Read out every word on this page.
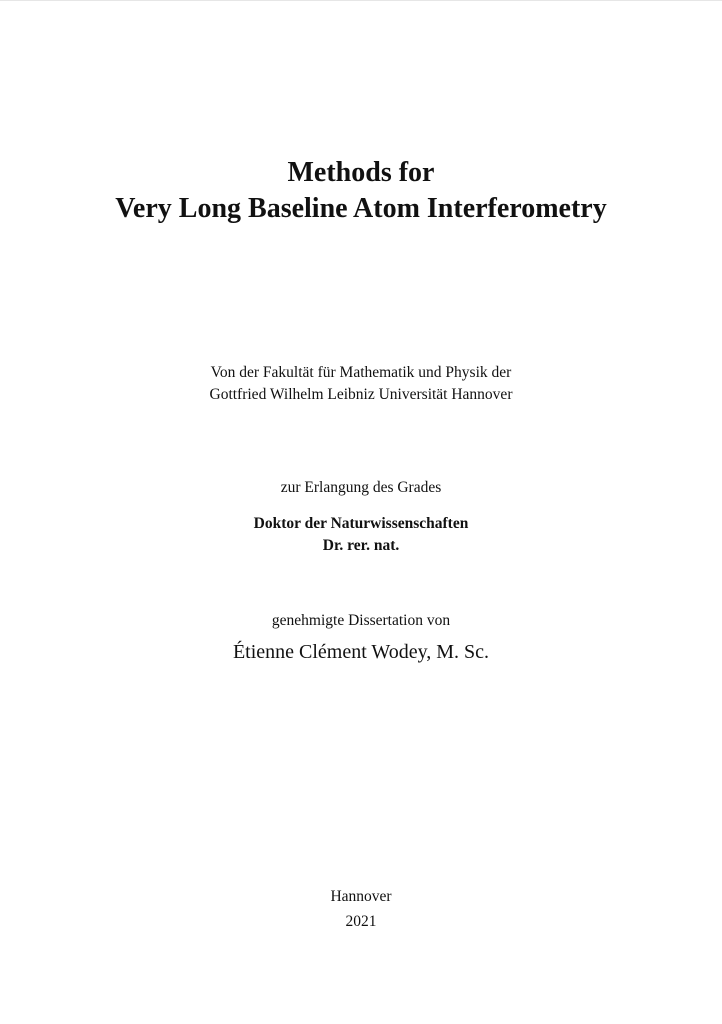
Methods for
Very Long Baseline Atom Interferometry
Von der Fakultät für Mathematik und Physik der
Gottfried Wilhelm Leibniz Universität Hannover
zur Erlangung des Grades
Doktor der Naturwissenschaften
Dr. rer. nat.
genehmigte Dissertation von
Étienne Clément Wodey, M. Sc.
Hannover
2021
